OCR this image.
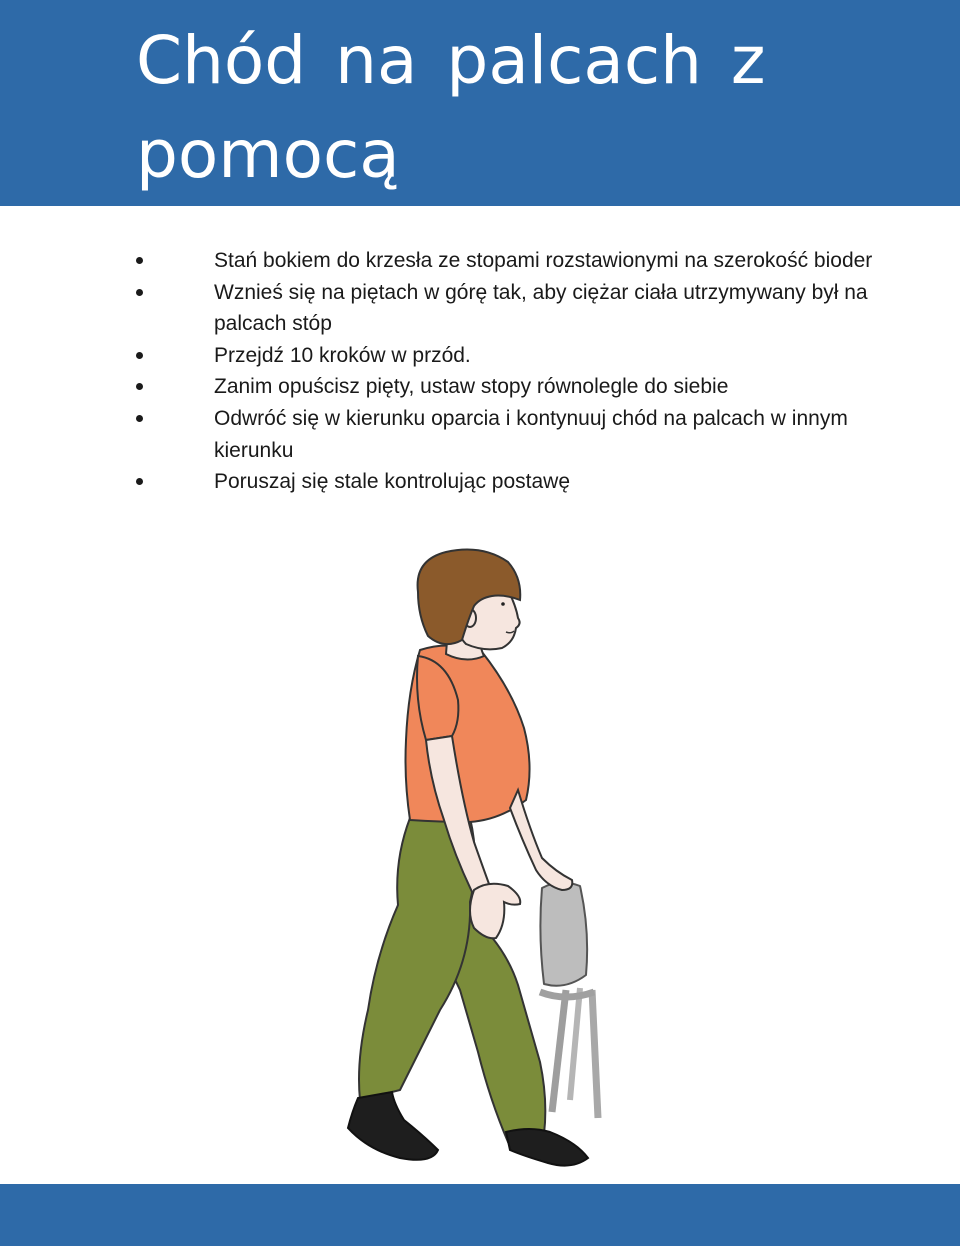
Chód na palcach z pomocą
Stań bokiem do krzesła ze stopami rozstawionymi na szerokość bioder
Wznieś się na piętach w górę tak, aby ciężar ciała utrzymywany był na palcach stóp
Przejdź 10 kroków w przód.
Zanim opuścisz pięty, ustaw stopy równolegle do siebie
Odwróć się w kierunku oparcia i kontynuuj chód na palcach w innym kierunku
Poruszaj się stale kontrolując postawę
